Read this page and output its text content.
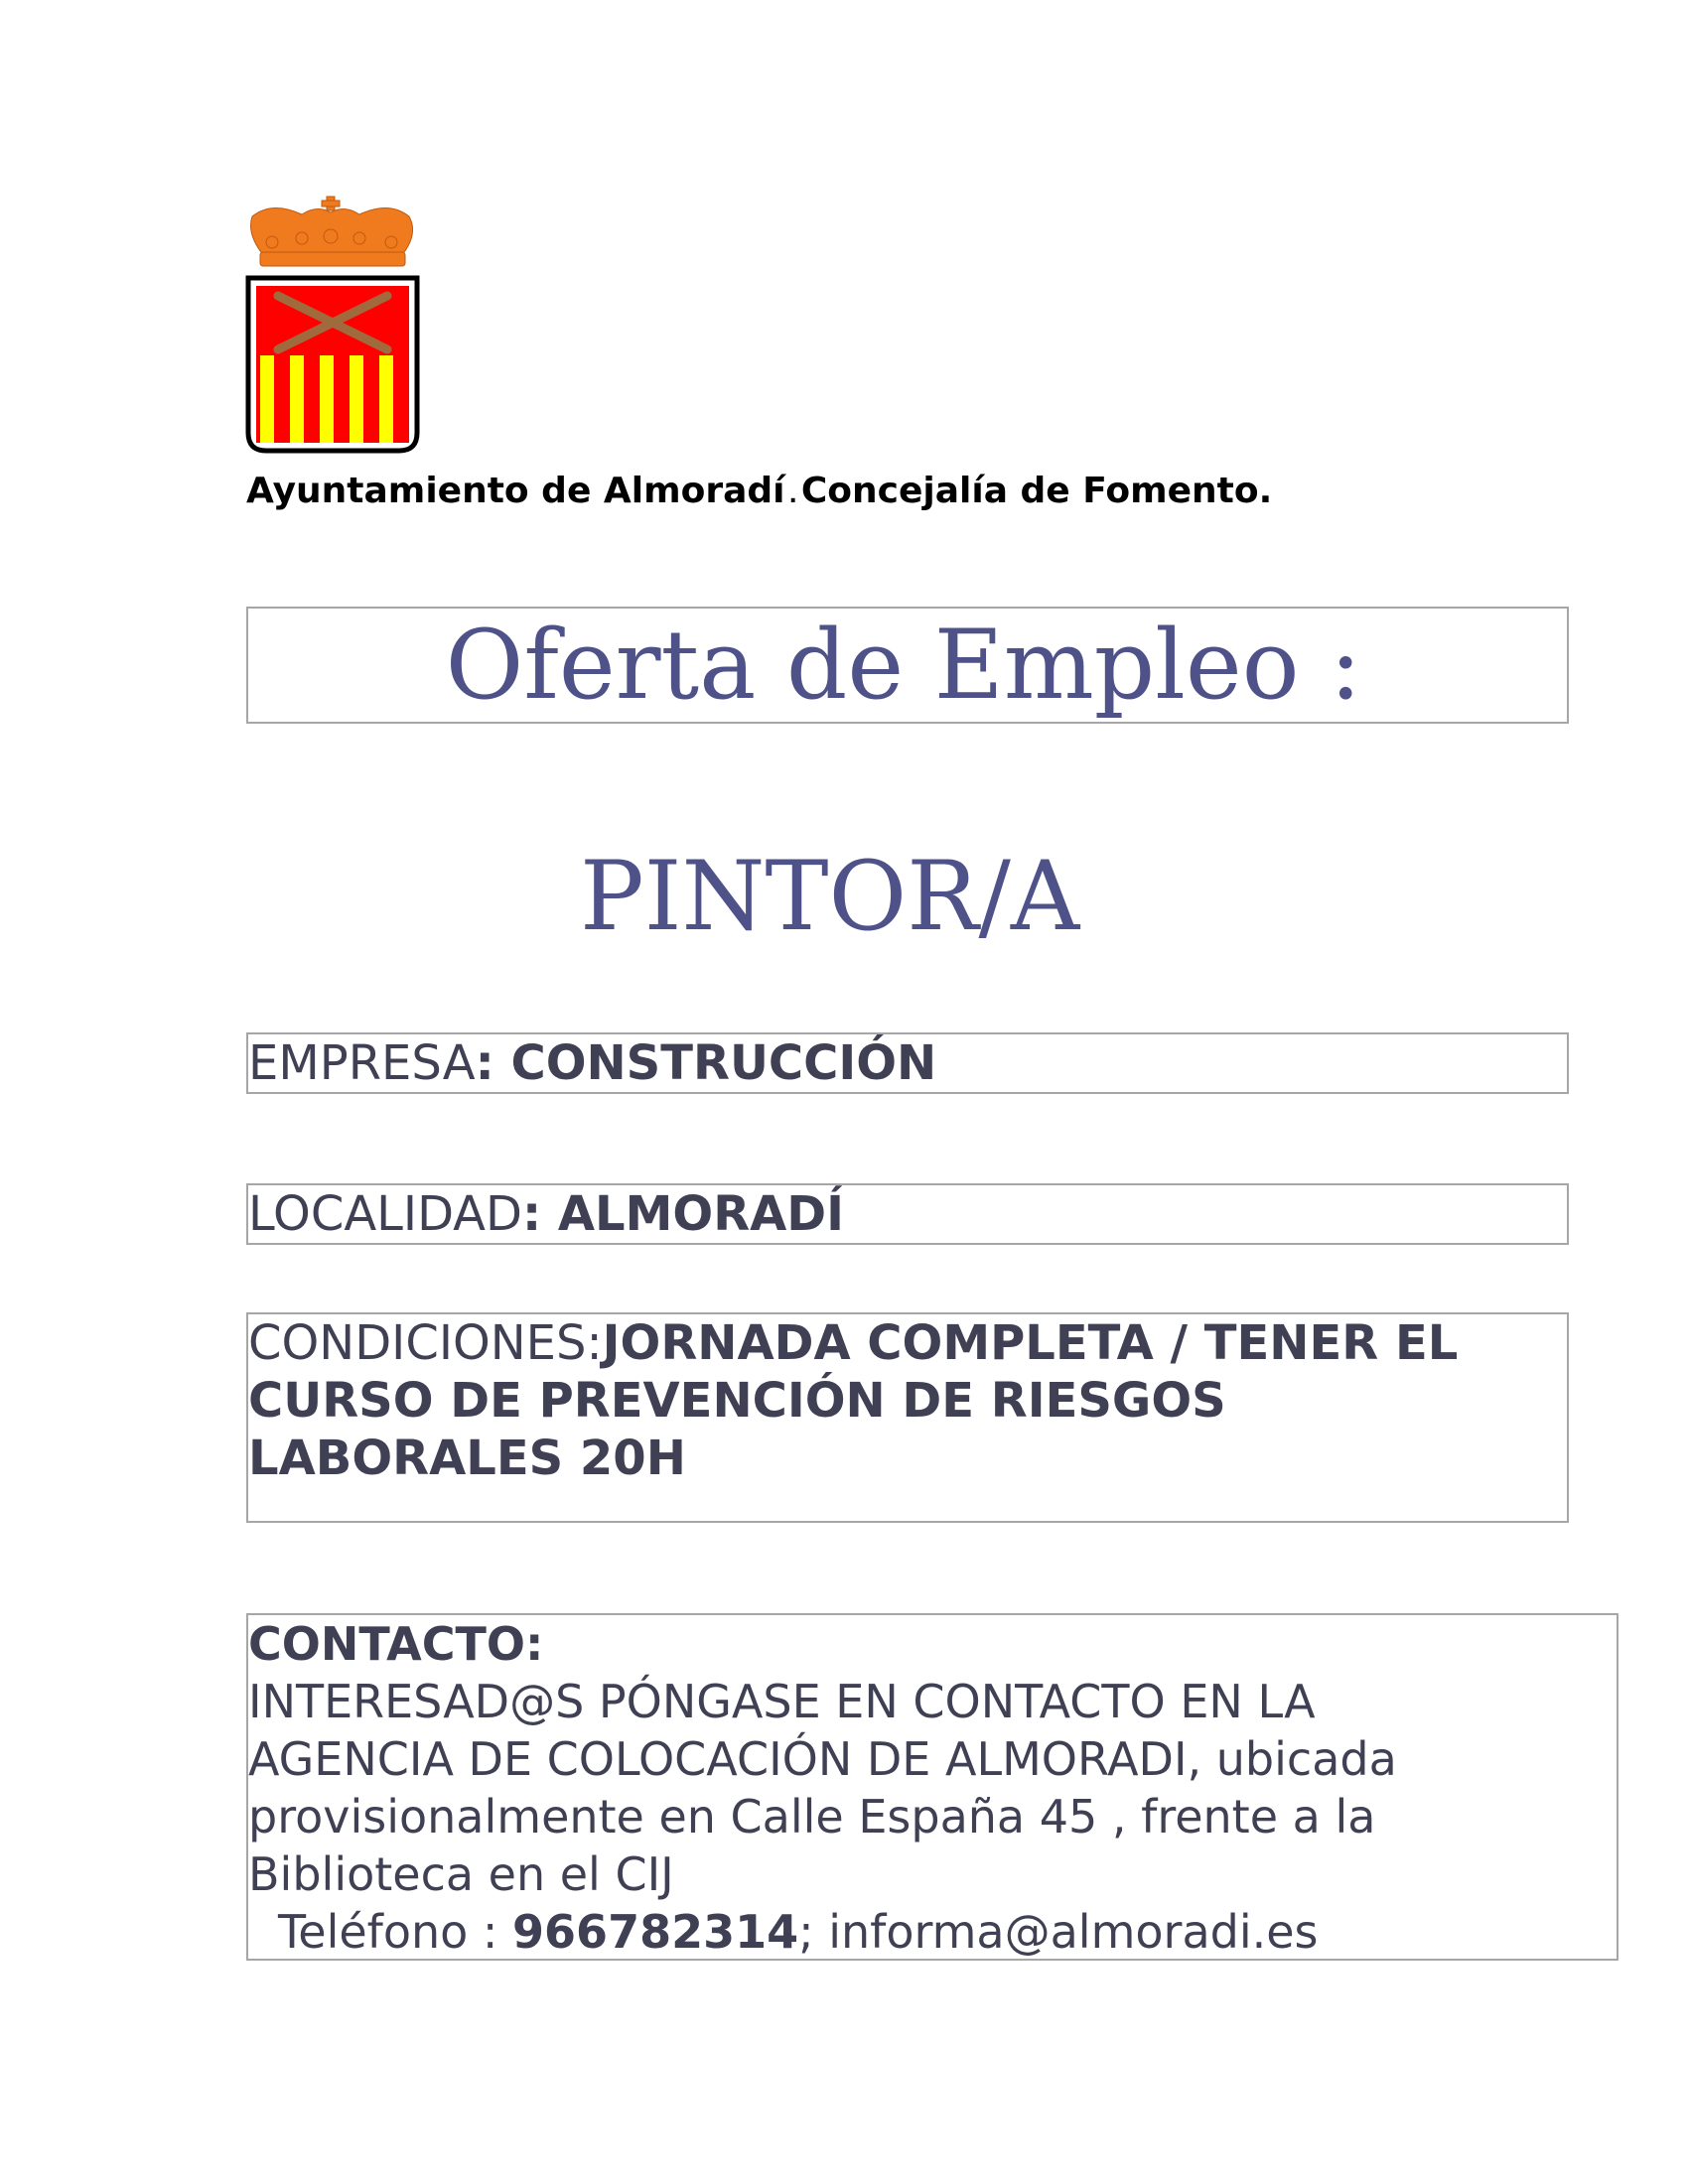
Ayuntamiento de Almoradí . Concejalía de Fomento.
Oferta de Empleo :
PINTOR/A
EMPRESA: CONSTRUCCIÓN
LOCALIDAD: ALMORADÍ
CONDICIONES:JORNADA COMPLETA / TENER EL
CURSO DE PREVENCIÓN DE RIESGOS
LABORALES 20H
CONTACTO:
INTERESAD@S PÓNGASE EN CONTACTO EN LA
AGENCIA DE COLOCACIÓN DE ALMORADI, ubicada
provisionalmente en Calle España 45 , frente a la
Biblioteca en el CIJ
Teléfono : 966782314; informa@almoradi.es
